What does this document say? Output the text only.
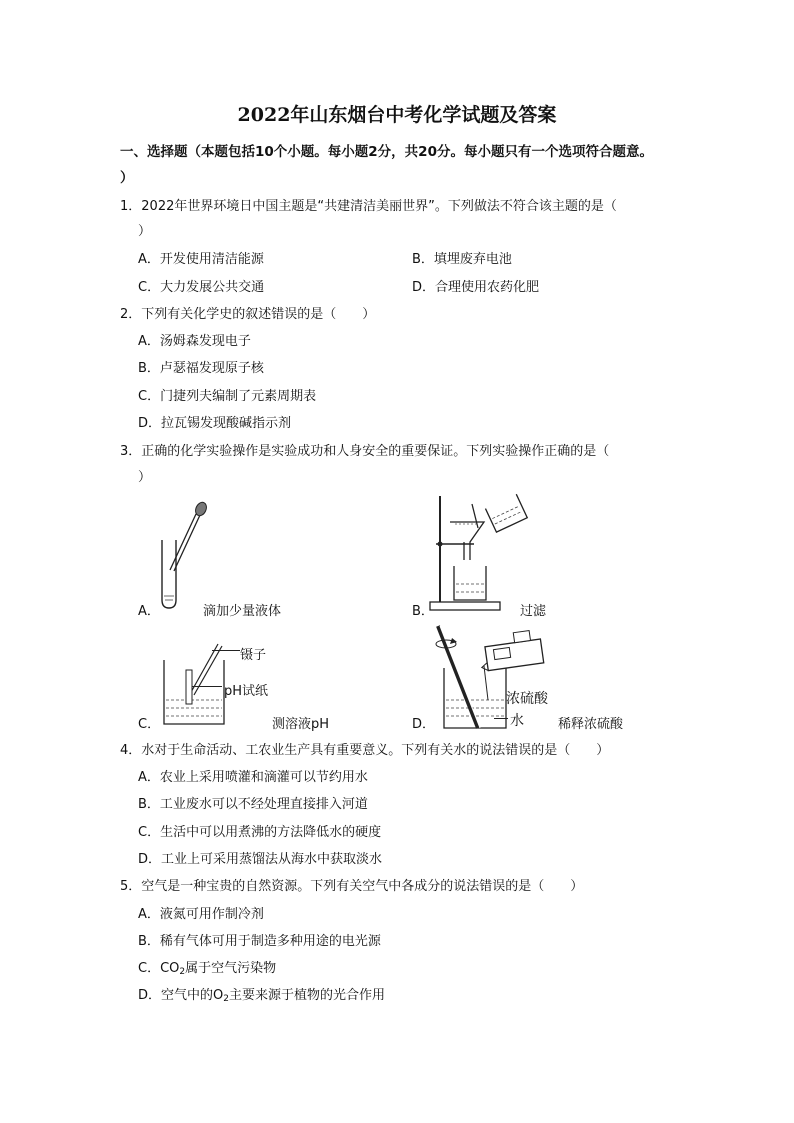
2022年山东烟台中考化学试题及答案
一、选择题（本题包括10个小题。每小题2分，共20分。每小题只有一个选项符合题意。
）
1．2022年世界环境日中国主题是“共建清洁美丽世界”。下列做法不符合该主题的是（
）
A．开发使用清洁能源	B．填埋废弃电池
C．大力发展公共交通	D．合理使用农药化肥
2．下列有关化学史的叙述错误的是（　　）
A．汤姆森发现电子
B．卢瑟福发现原子核
C．门捷列夫编制了元素周期表
D．拉瓦锡发现酸碱指示剂
3．正确的化学实验操作是实验成功和人身安全的重要保证。下列实验操作正确的是（
）
A．	滴加少量液体	B．	过滤
镊子
pH试纸
C．	测溶液pH
浓硫酸
水
D．	稀释浓硫酸
4．水对于生命活动、工农业生产具有重要意义。下列有关水的说法错误的是（　　）
A．农业上采用喷灌和滴灌可以节约用水
B．工业废水可以不经处理直接排入河道
C．生活中可以用煮沸的方法降低水的硬度
D．工业上可采用蒸馏法从海水中获取淡水
5．空气是一种宝贵的自然资源。下列有关空气中各成分的说法错误的是（　　）
A．液氮可用作制冷剂
B．稀有气体可用于制造多种用途的电光源
C．$CO_2$属于空气污染物
D．空气中的$O_2$主要来源于植物的光合作用
